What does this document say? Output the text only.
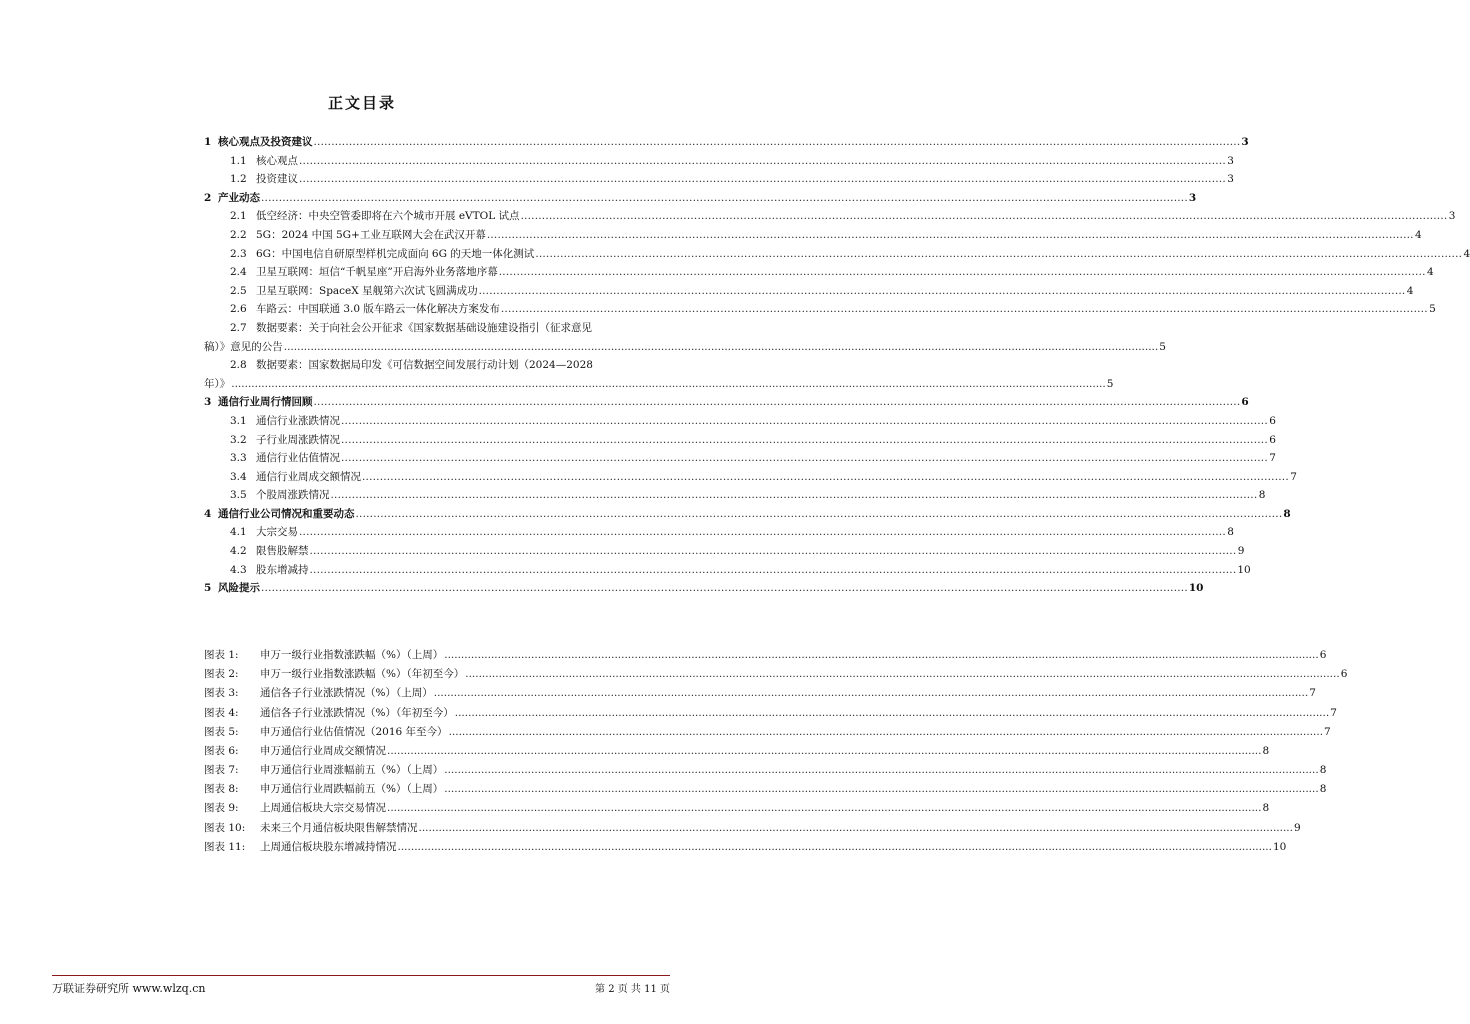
正文目录
1 核心观点及投资建议 .....	3
1.1 核心观点 .....	3
1.2 投资建议 .....	3
2 产业动态 .....	3
2.1 低空经济：中央空管委即将在六个城市开展 eVTOL 试点 .....	3
2.2 5G：2024 中国 5G+工业互联网大会在武汉开幕 .....	4
2.3 6G：中国电信自研原型样机完成面向 6G 的天地一体化测试 .....	4
2.4 卫星互联网：垣信“千帆星座”开启海外业务落地序幕 .....	4
2.5 卫星互联网：SpaceX 星舰第六次试飞圆满成功 .....	4
2.6 车路云：中国联通 3.0 版车路云一体化解决方案发布 .....	5
2.7 数据要素：关于向社会公开征求《国家数据基础设施建设指引（征求意见
稿）》意见的公告 .....	5
2.8 数据要素：国家数据局印发《可信数据空间发展行动计划（2024—2028
年）》 .....	5
3 通信行业周行情回顾 .....	6
3.1 通信行业涨跌情况 .....	6
3.2 子行业周涨跌情况 .....	6
3.3 通信行业估值情况 .....	7
3.4 通信行业周成交额情况 .....	7
3.5 个股周涨跌情况 .....	8
4 通信行业公司情况和重要动态 .....	8
4.1 大宗交易 .....	8
4.2 限售股解禁 .....	9
4.3 股东增减持 .....	10
5 风险提示 .....	10
图表 1:	申万一级行业指数涨跌幅（%）（上周） .....	6
图表 2:	申万一级行业指数涨跌幅（%）（年初至今） .....	6
图表 3:	通信各子行业涨跌情况（%）（上周） .....	7
图表 4:	通信各子行业涨跌情况（%）（年初至今） .....	7
图表 5:	申万通信行业估值情况（2016 年至今） .....	7
图表 6:	申万通信行业周成交额情况 .....	8
图表 7:	申万通信行业周涨幅前五（%）（上周） .....	8
图表 8:	申万通信行业周跌幅前五（%）（上周） .....	8
图表 9:	上周通信板块大宗交易情况 .....	8
图表 10:	未来三个月通信板块限售解禁情况 .....	9
图表 11:	上周通信板块股东增减持情况 .....	10
万联证券研究所 www.wlzq.cn	第 2 页 共 11 页
